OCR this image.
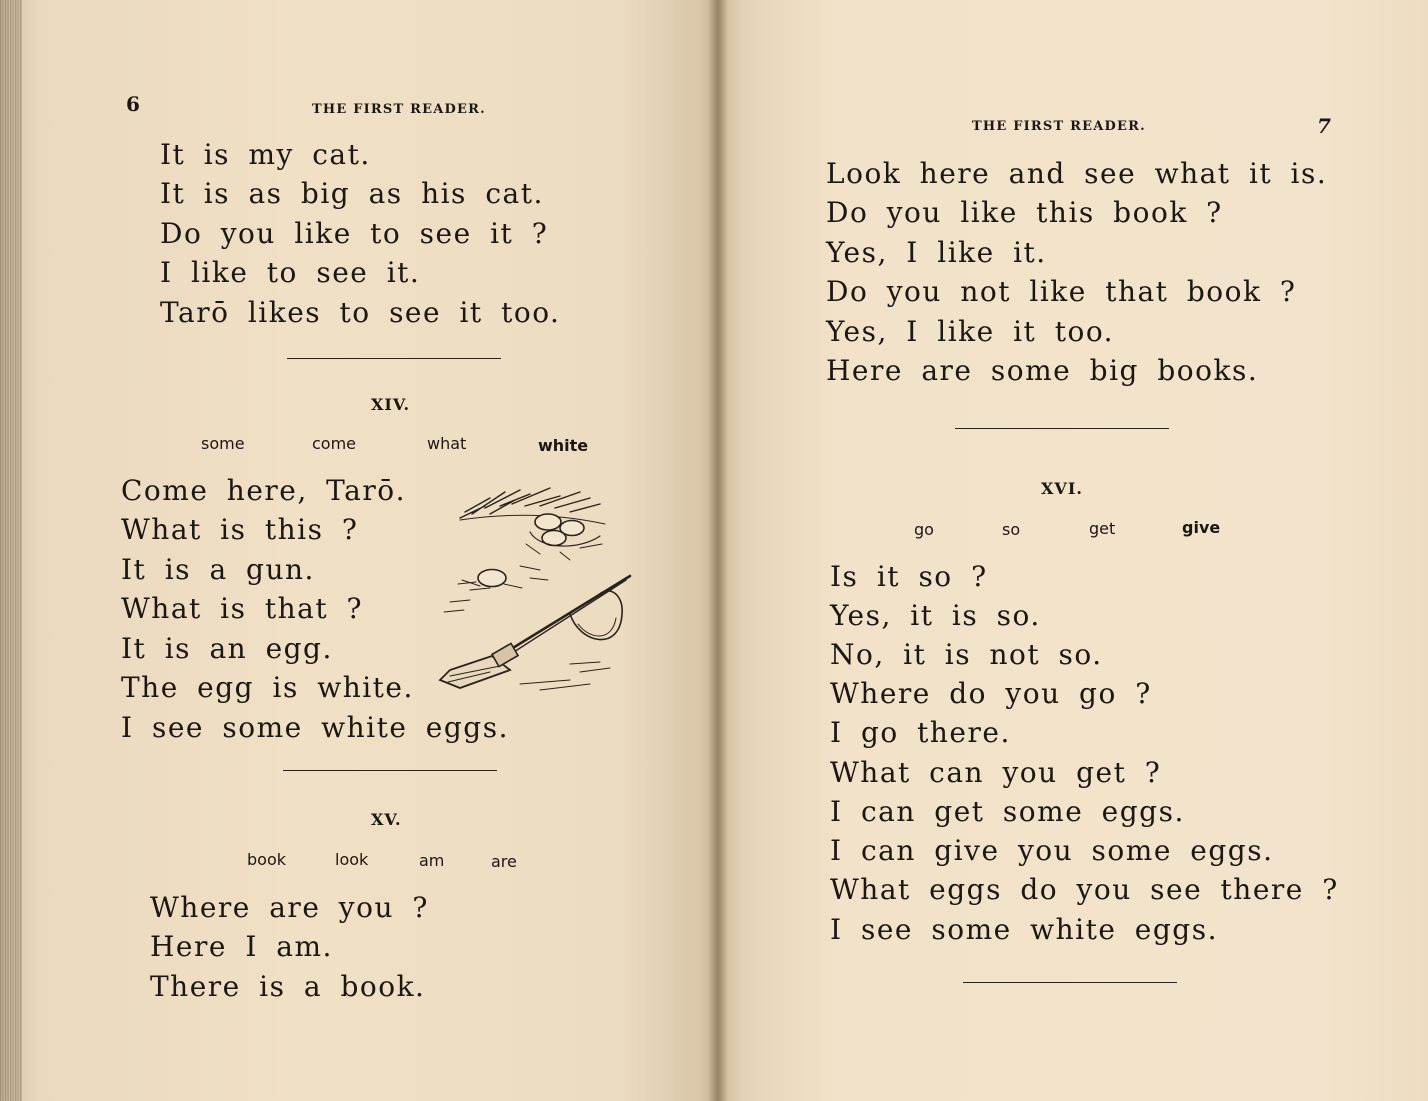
6	THE FIRST READER.
It is my cat.
It is as big as his cat.
Do you like to see it ?
I like to see it.
Tarō likes to see it too.
XIV.
some	come	what	white
Come here, Tarō.
What is this ?
It is a gun.
What is that ?
It is an egg.
The egg is white.
I see some white eggs.
XV.
book	look	am	are
Where are you ?
Here I am.
There is a book.
THE FIRST READER.	7
Look here and see what it is.
Do you like this book ?
Yes, I like it.
Do you not like that book ?
Yes, I like it too.
Here are some big books.
XVI.
go	so	get	give
Is it so ?
Yes, it is so.
No, it is not so.
Where do you go ?
I go there.
What can you get ?
I can get some eggs.
I can give you some eggs.
What eggs do you see there ?
I see some white eggs.
